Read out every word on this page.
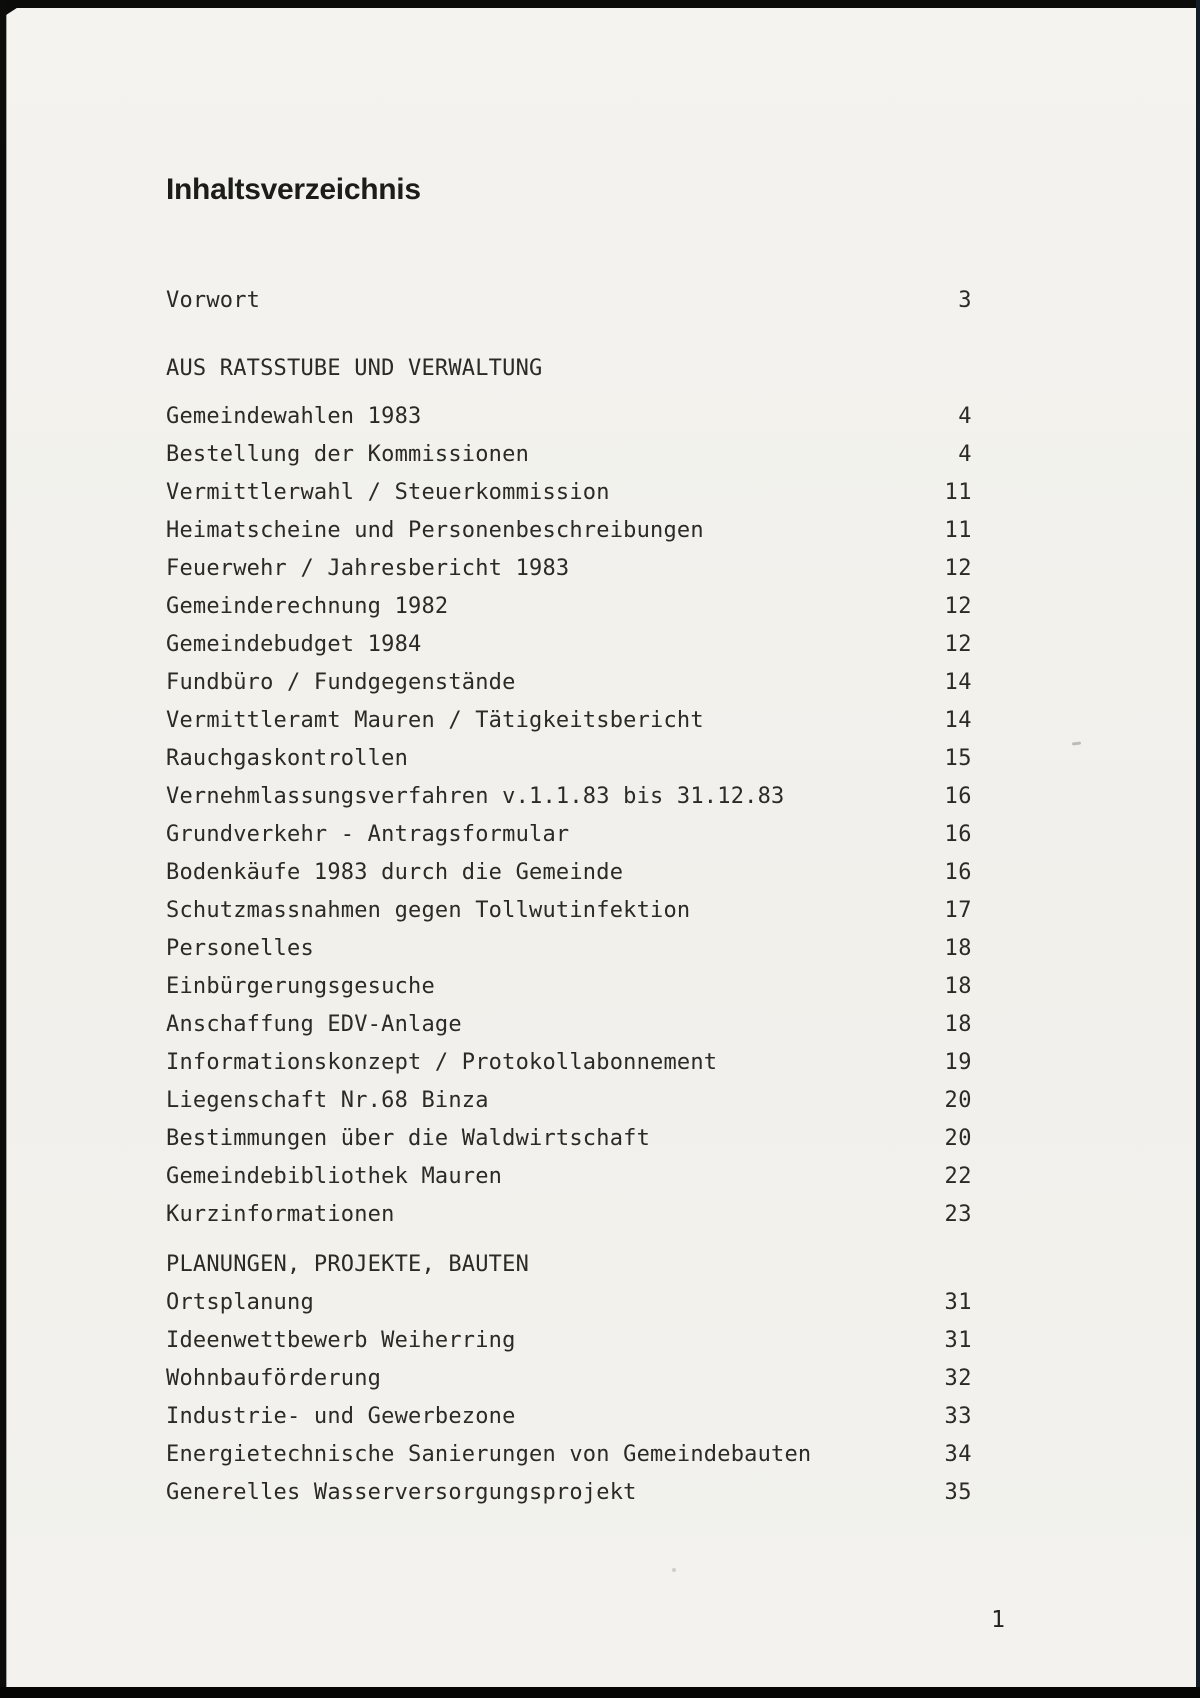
Inhaltsverzeichnis
Vorwort	3
AUS RATSSTUBE UND VERWALTUNG
Gemeindewahlen 1983	4
Bestellung der Kommissionen	4
Vermittlerwahl / Steuerkommission	11
Heimatscheine und Personenbeschreibungen	11
Feuerwehr / Jahresbericht 1983	12
Gemeinderechnung 1982	12
Gemeindebudget 1984	12
Fundbüro / Fundgegenstände	14
Vermittleramt Mauren / Tätigkeitsbericht	14
Rauchgaskontrollen	15
Vernehmlassungsverfahren v.1.1.83 bis 31.12.83	16
Grundverkehr - Antragsformular	16
Bodenkäufe 1983 durch die Gemeinde	16
Schutzmassnahmen gegen Tollwutinfektion	17
Personelles	18
Einbürgerungsgesuche	18
Anschaffung EDV-Anlage	18
Informationskonzept / Protokollabonnement	19
Liegenschaft Nr.68 Binza	20
Bestimmungen über die Waldwirtschaft	20
Gemeindebibliothek Mauren	22
Kurzinformationen	23
PLANUNGEN, PROJEKTE, BAUTEN
Ortsplanung	31
Ideenwettbewerb Weiherring	31
Wohnbauförderung	32
Industrie- und Gewerbezone	33
Energietechnische Sanierungen von Gemeindebauten	34
Generelles Wasserversorgungsprojekt	35
1
